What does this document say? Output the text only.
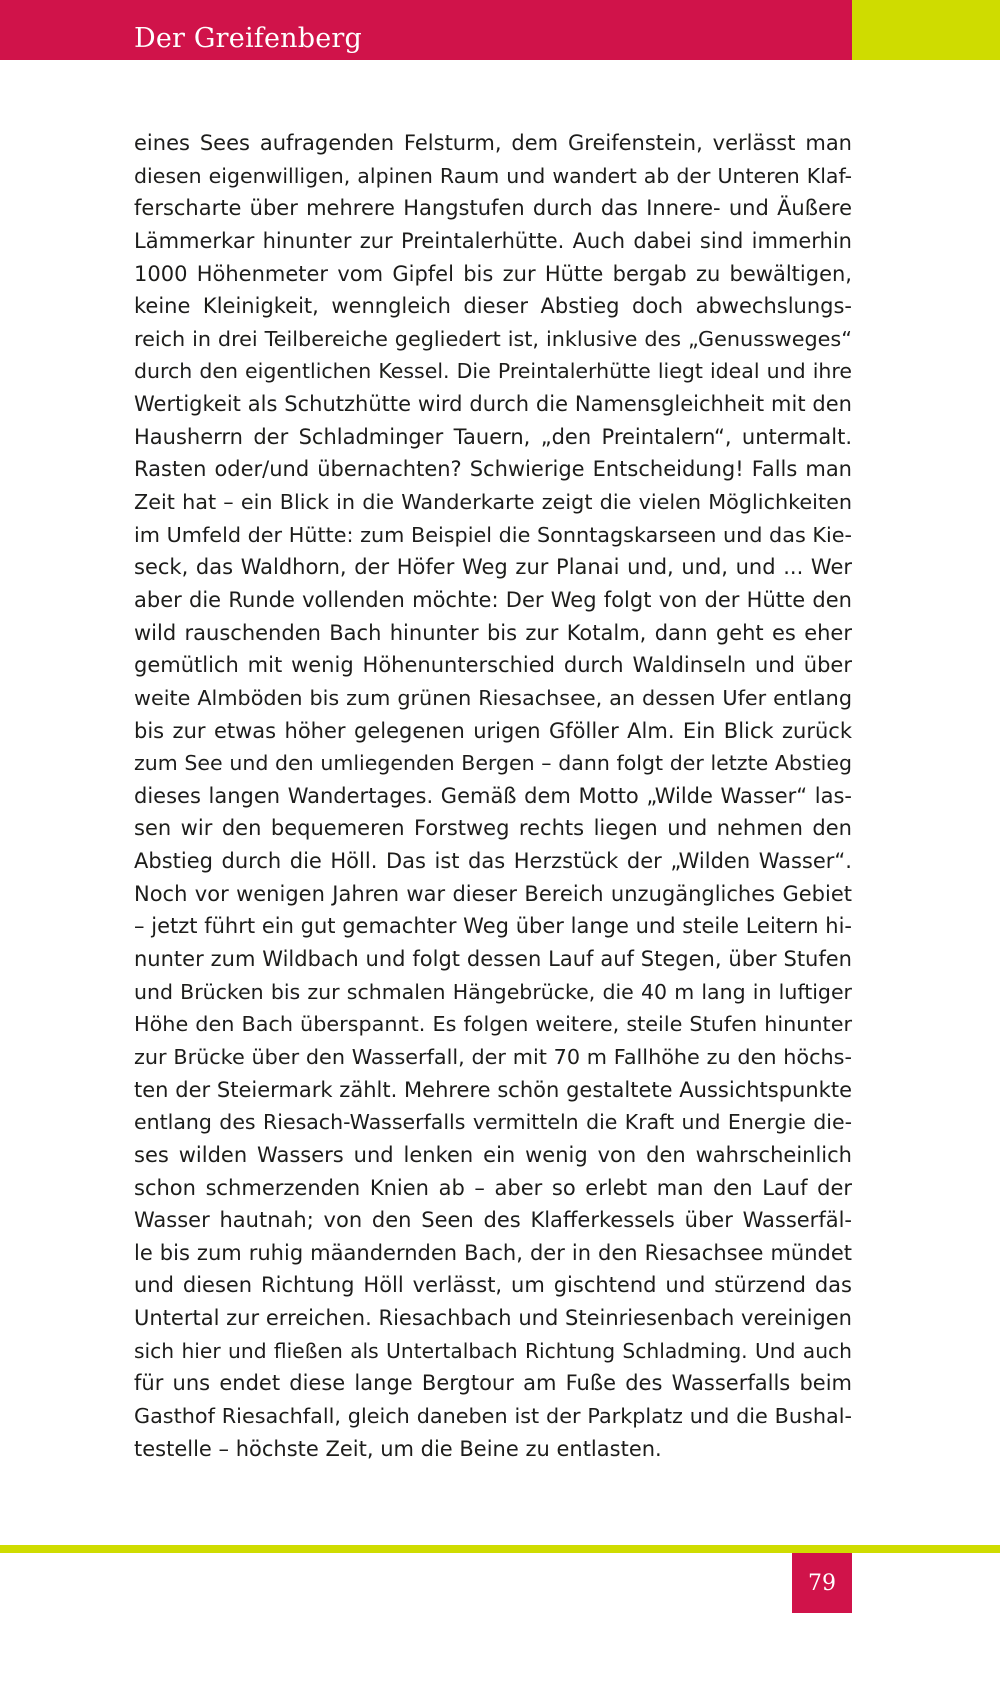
Der Greifenberg
eines Sees aufragenden Felsturm, dem Greifenstein, verlässt man
diesen eigenwilligen, alpinen Raum und wandert ab der Unteren Klaf-
ferscharte über mehrere Hangstufen durch das Innere- und Äußere
Lämmerkar hinunter zur Preintalerhütte. Auch dabei sind immerhin
1000 Höhenmeter vom Gipfel bis zur Hütte bergab zu bewältigen,
keine Kleinigkeit, wenngleich dieser Abstieg doch abwechslungs-
reich in drei Teilbereiche gegliedert ist, inklusive des „Genussweges“
durch den eigentlichen Kessel. Die Preintalerhütte liegt ideal und ihre
Wertigkeit als Schutzhütte wird durch die Namensgleichheit mit den
Hausherrn der Schladminger Tauern, „den Preintalern“, untermalt.
Rasten oder/und übernachten? Schwierige Entscheidung! Falls man
Zeit hat – ein Blick in die Wanderkarte zeigt die vielen Möglichkeiten
im Umfeld der Hütte: zum Beispiel die Sonntagskarseen und das Kie-
seck, das Waldhorn, der Höfer Weg zur Planai und, und, und ... Wer
aber die Runde vollenden möchte: Der Weg folgt von der Hütte den
wild rauschenden Bach hinunter bis zur Kotalm, dann geht es eher
gemütlich mit wenig Höhenunterschied durch Waldinseln und über
weite Almböden bis zum grünen Riesachsee, an dessen Ufer entlang
bis zur etwas höher gelegenen urigen Gföller Alm. Ein Blick zurück
zum See und den umliegenden Bergen – dann folgt der letzte Abstieg
dieses langen Wandertages. Gemäß dem Motto „Wilde Wasser“ las-
sen wir den bequemeren Forstweg rechts liegen und nehmen den
Abstieg durch die Höll. Das ist das Herzstück der „Wilden Wasser“.
Noch vor wenigen Jahren war dieser Bereich unzugängliches Gebiet
– jetzt führt ein gut gemachter Weg über lange und steile Leitern hi-
nunter zum Wildbach und folgt dessen Lauf auf Stegen, über Stufen
und Brücken bis zur schmalen Hängebrücke, die 40 m lang in luftiger
Höhe den Bach überspannt. Es folgen weitere, steile Stufen hinunter
zur Brücke über den Wasserfall, der mit 70 m Fallhöhe zu den höchs-
ten der Steiermark zählt. Mehrere schön gestaltete Aussichtspunkte
entlang des Riesach-Wasserfalls vermitteln die Kraft und Energie die-
ses wilden Wassers und lenken ein wenig von den wahrscheinlich
schon schmerzenden Knien ab – aber so erlebt man den Lauf der
Wasser hautnah; von den Seen des Klafferkessels über Wasserfäl-
le bis zum ruhig mäandernden Bach, der in den Riesachsee mündet
und diesen Richtung Höll verlässt, um gischtend und stürzend das
Untertal zur erreichen. Riesachbach und Steinriesenbach vereinigen
sich hier und fließen als Untertalbach Richtung Schladming. Und auch
für uns endet diese lange Bergtour am Fuße des Wasserfalls beim
Gasthof Riesachfall, gleich daneben ist der Parkplatz und die Bushal-
testelle – höchste Zeit, um die Beine zu entlasten.
79
